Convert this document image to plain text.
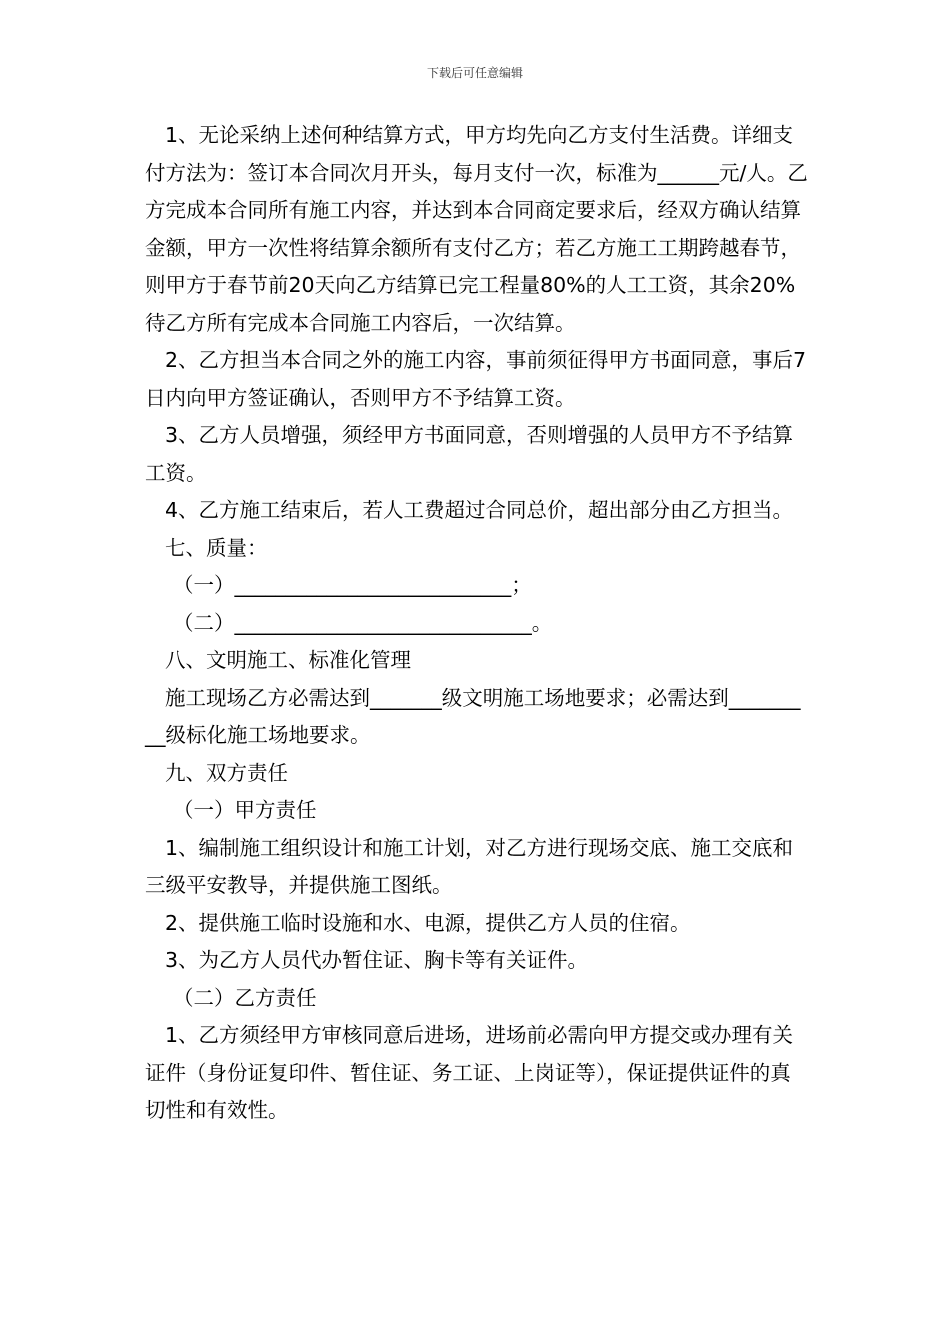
下载后可任意编辑

1、无论采纳上述何种结算方式，甲方均先向乙方支付生活费。详细支付方法为：签订本合同次月开头，每月支付一次，标准为______元/人。乙方完成本合同所有施工内容，并达到本合同商定要求后，经双方确认结算金额，甲方一次性将结算余额所有支付乙方；若乙方施工工期跨越春节，则甲方于春节前20天向乙方结算已完工程量80%的人工工资，其余20%待乙方所有完成本合同施工内容后，一次结算。

2、乙方担当本合同之外的施工内容，事前须征得甲方书面同意，事后7日内向甲方签证确认，否则甲方不予结算工资。

3、乙方人员增强，须经甲方书面同意，否则增强的人员甲方不予结算工资。

4、乙方施工结束后，若人工费超过合同总价，超出部分由乙方担当。

七、质量：

（一）___________________________；

（二）_____________________________。

八、文明施工、标准化管理

施工现场乙方必需达到_______级文明施工场地要求；必需达到_________级标化施工场地要求。

九、双方责任

（一）甲方责任

1、编制施工组织设计和施工计划，对乙方进行现场交底、施工交底和三级平安教导，并提供施工图纸。

2、提供施工临时设施和水、电源，提供乙方人员的住宿。

3、为乙方人员代办暂住证、胸卡等有关证件。

（二）乙方责任

1、乙方须经甲方审核同意后进场，进场前必需向甲方提交或办理有关证件（身份证复印件、暂住证、务工证、上岗证等），保证提供证件的真切性和有效性。
